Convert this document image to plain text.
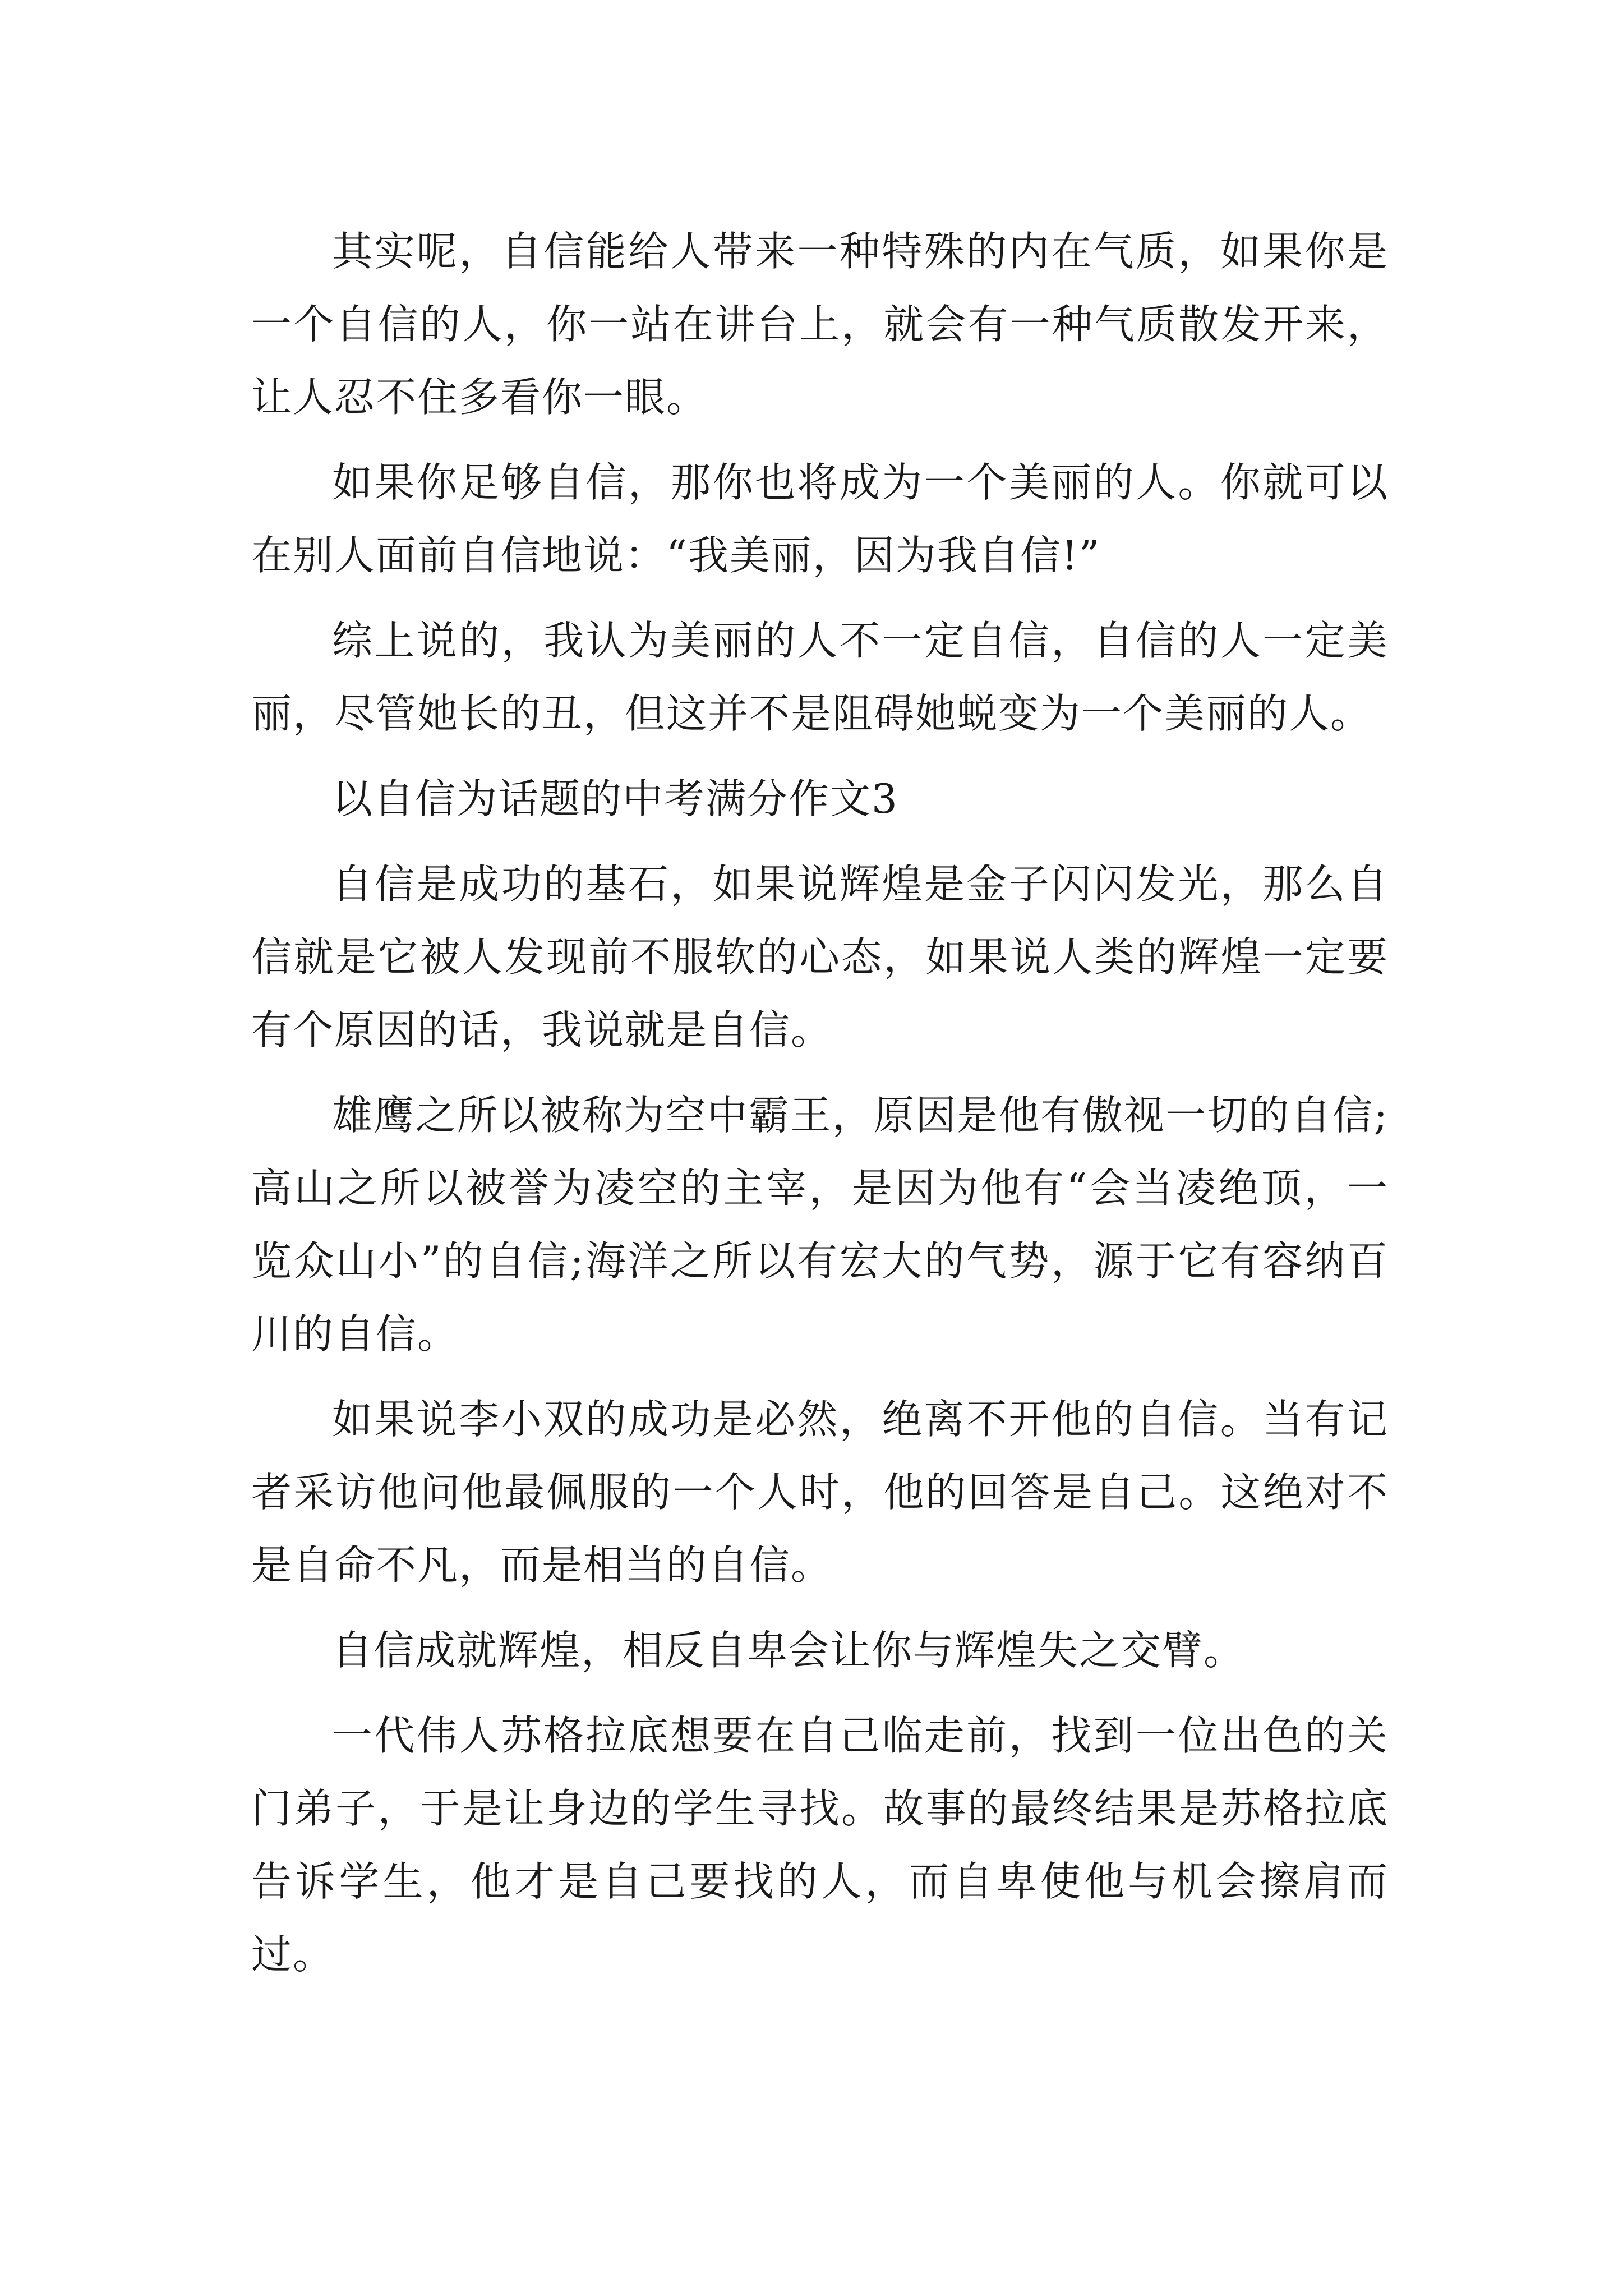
其实呢，自信能给人带来一种特殊的内在气质，如果你是一个自信的人，你一站在讲台上，就会有一种气质散发开来，让人忍不住多看你一眼。

如果你足够自信，那你也将成为一个美丽的人。你就可以在别人面前自信地说：“我美丽，因为我自信!”

综上说的，我认为美丽的人不一定自信，自信的人一定美丽，尽管她长的丑，但这并不是阻碍她蜕变为一个美丽的人。

以自信为话题的中考满分作文3

自信是成功的基石，如果说辉煌是金子闪闪发光，那么自信就是它被人发现前不服软的心态，如果说人类的辉煌一定要有个原因的话，我说就是自信。

雄鹰之所以被称为空中霸王，原因是他有傲视一切的自信;高山之所以被誉为凌空的主宰，是因为他有“会当凌绝顶，一览众山小”的自信;海洋之所以有宏大的气势，源于它有容纳百川的自信。

如果说李小双的成功是必然，绝离不开他的自信。当有记者采访他问他最佩服的一个人时，他的回答是自己。这绝对不是自命不凡，而是相当的自信。

自信成就辉煌，相反自卑会让你与辉煌失之交臂。

一代伟人苏格拉底想要在自己临走前，找到一位出色的关门弟子，于是让身边的学生寻找。故事的最终结果是苏格拉底告诉学生，他才是自己要找的人，而自卑使他与机会擦肩而过。
